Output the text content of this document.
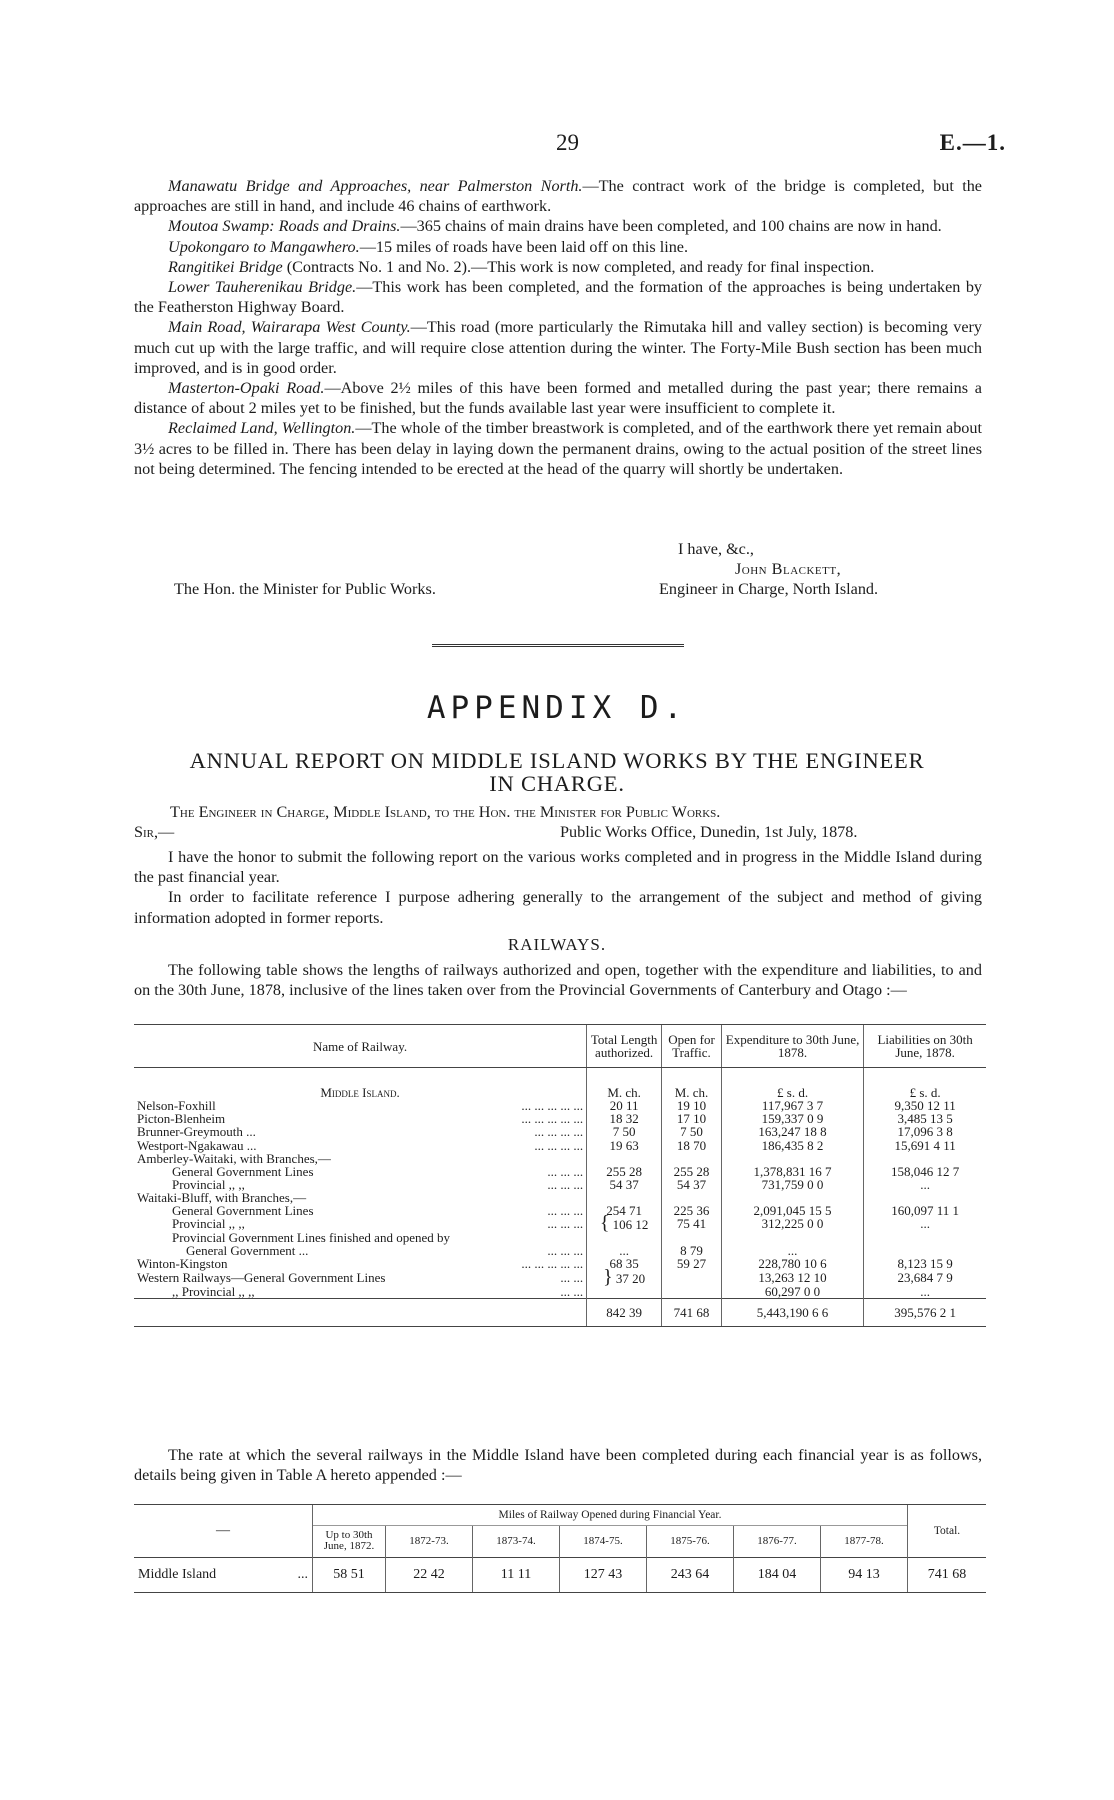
29	E.—1.

Manawatu Bridge and Approaches, near Palmerston North.—The contract work of the bridge is completed, but the approaches are still in hand, and include 46 chains of earthwork.

Moutoa Swamp: Roads and Drains.—365 chains of main drains have been completed, and 100 chains are now in hand.

Upokongaro to Mangawhero.—15 miles of roads have been laid off on this line.

Rangitikei Bridge (Contracts No. 1 and No. 2).—This work is now completed, and ready for final inspection.

Lower Tauherenikau Bridge.—This work has been completed, and the formation of the approaches is being undertaken by the Featherston Highway Board.

Main Road, Wairarapa West County.—This road (more particularly the Rimutaka hill and valley section) is becoming very much cut up with the large traffic, and will require close attention during the winter. The Forty-Mile Bush section has been much improved, and is in good order.

Masterton-Opaki Road.—Above 2½ miles of this have been formed and metalled during the past year; there remains a distance of about 2 miles yet to be finished, but the funds available last year were insufficient to complete it.

Reclaimed Land, Wellington.—The whole of the timber breastwork is completed, and of the earthwork there yet remain about 3½ acres to be filled in. There has been delay in laying down the permanent drains, owing to the actual position of the street lines not being determined. The fencing intended to be erected at the head of the quarry will shortly be undertaken.

I have, &c.,
John Blackett,
The Hon. the Minister for Public Works.	Engineer in Charge, North Island.
APPENDIX D.
ANNUAL REPORT ON MIDDLE ISLAND WORKS BY THE ENGINEER
IN CHARGE.
The Engineer in Charge, Middle Island, to the Hon. the Minister for Public Works.
Sir,—	Public Works Office, Dunedin, 1st July, 1878.

I have the honor to submit the following report on the various works completed and in progress in the Middle Island during the past financial year.

In order to facilitate reference I purpose adhering generally to the arrangement of the subject and method of giving information adopted in former reports.

RAILWAYS.

The following table shows the lengths of railways authorized and open, together with the expenditure and liabilities, to and on the 30th June, 1878, inclusive of the lines taken over from the Provincial Governments of Canterbury and Otago :—

Name of Railway.	Total Length authorized.	Open for Traffic.	Expenditure to 30th June, 1878.	Liabilities on 30th June, 1878.

Middle Island.	M. ch.	M. ch.	£ s. d.	£ s. d.
Nelson-Foxhill ... ... ... ... ...	20 11	19 10	117,967 3 7	9,350 12 11
Picton-Blenheim ... ... ... ... ...	18 32	17 10	159,337 0 9	3,485 13 5
Brunner-Greymouth ... ... ... ... ...	7 50	7 50	163,247 18 8	17,096 3 8
Westport-Ngakawau ... ... ... ... ...	19 63	18 70	186,435 8 2	15,691 4 11
Amberley-Waitaki, with Branches,—				
General Government Lines ... ... ...	255 28	255 28	1,378,831 16 7	158,046 12 7
Provincial ,, ,, ... ... ...	54 37	54 37	731,759 0 0	...
Waitaki-Bluff, with Branches,—				
General Government Lines ... ... ...	254 71	225 36	2,091,045 15 5	160,097 11 1
Provincial ,, ,, ... ... ...	{ 106 12	75 41	312,225 0 0	...
Provincial Government Lines finished and opened by				
General Government ... ... ... ...	...	8 79	...	
Winton-Kingston ... ... ... ... ...	68 35	59 27	228,780 10 6	8,123 15 9
Western Railways—General Government Lines ... ...	} 37 20		13,263 12 10	23,684 7 9
,, Provincial ,, ,, ... ...			60,297 0 0	...
	842 39	741 68	5,443,190 6 6	395,576 2 1

The rate at which the several railways in the Middle Island have been completed during each financial year is as follows, details being given in Table A hereto appended :—

—	Miles of Railway Opened during Financial Year.							Total.
	Up to 30th June, 1872.	1872-73.	1873-74.	1874-75.	1875-76.	1876-77.	1877-78.	
Middle Island ...	58 51	22 42	11 11	127 43	243 64	184 04	94 13	741 68
